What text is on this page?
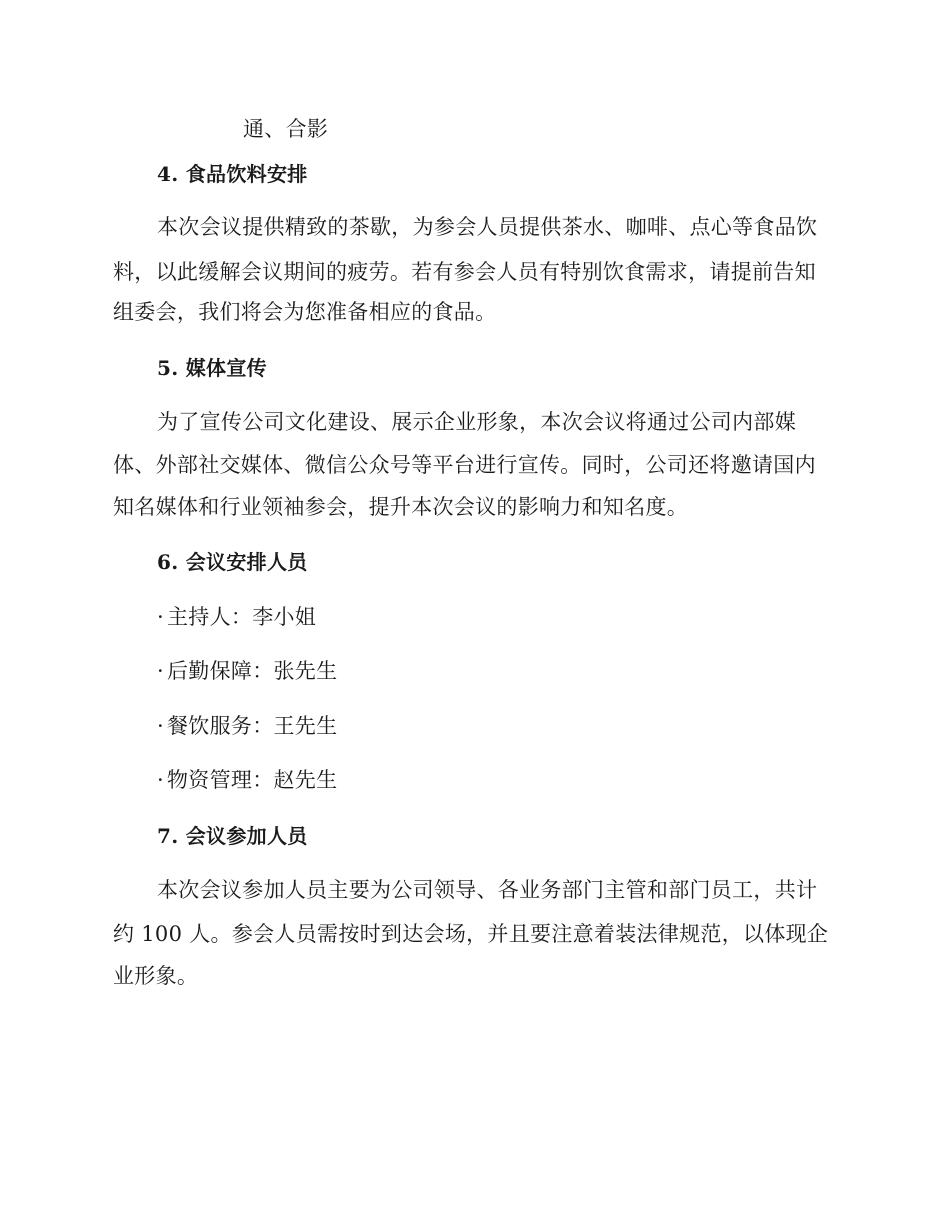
通、合影
4. 食品饮料安排
本次会议提供精致的茶歇，为参会人员提供茶水、咖啡、点心等食品饮
料，以此缓解会议期间的疲劳。若有参会人员有特别饮食需求，请提前告知
组委会，我们将会为您准备相应的食品。
5. 媒体宣传
为了宣传公司文化建设、展示企业形象，本次会议将通过公司内部媒
体、外部社交媒体、微信公众号等平台进行宣传。同时，公司还将邀请国内
知名媒体和行业领袖参会，提升本次会议的影响力和知名度。
6. 会议安排人员
· 主持人：李小姐
· 后勤保障：张先生
· 餐饮服务：王先生
· 物资管理：赵先生
7. 会议参加人员
本次会议参加人员主要为公司领导、各业务部门主管和部门员工，共计
约 100 人。参会人员需按时到达会场，并且要注意着装法律规范，以体现企
业形象。
